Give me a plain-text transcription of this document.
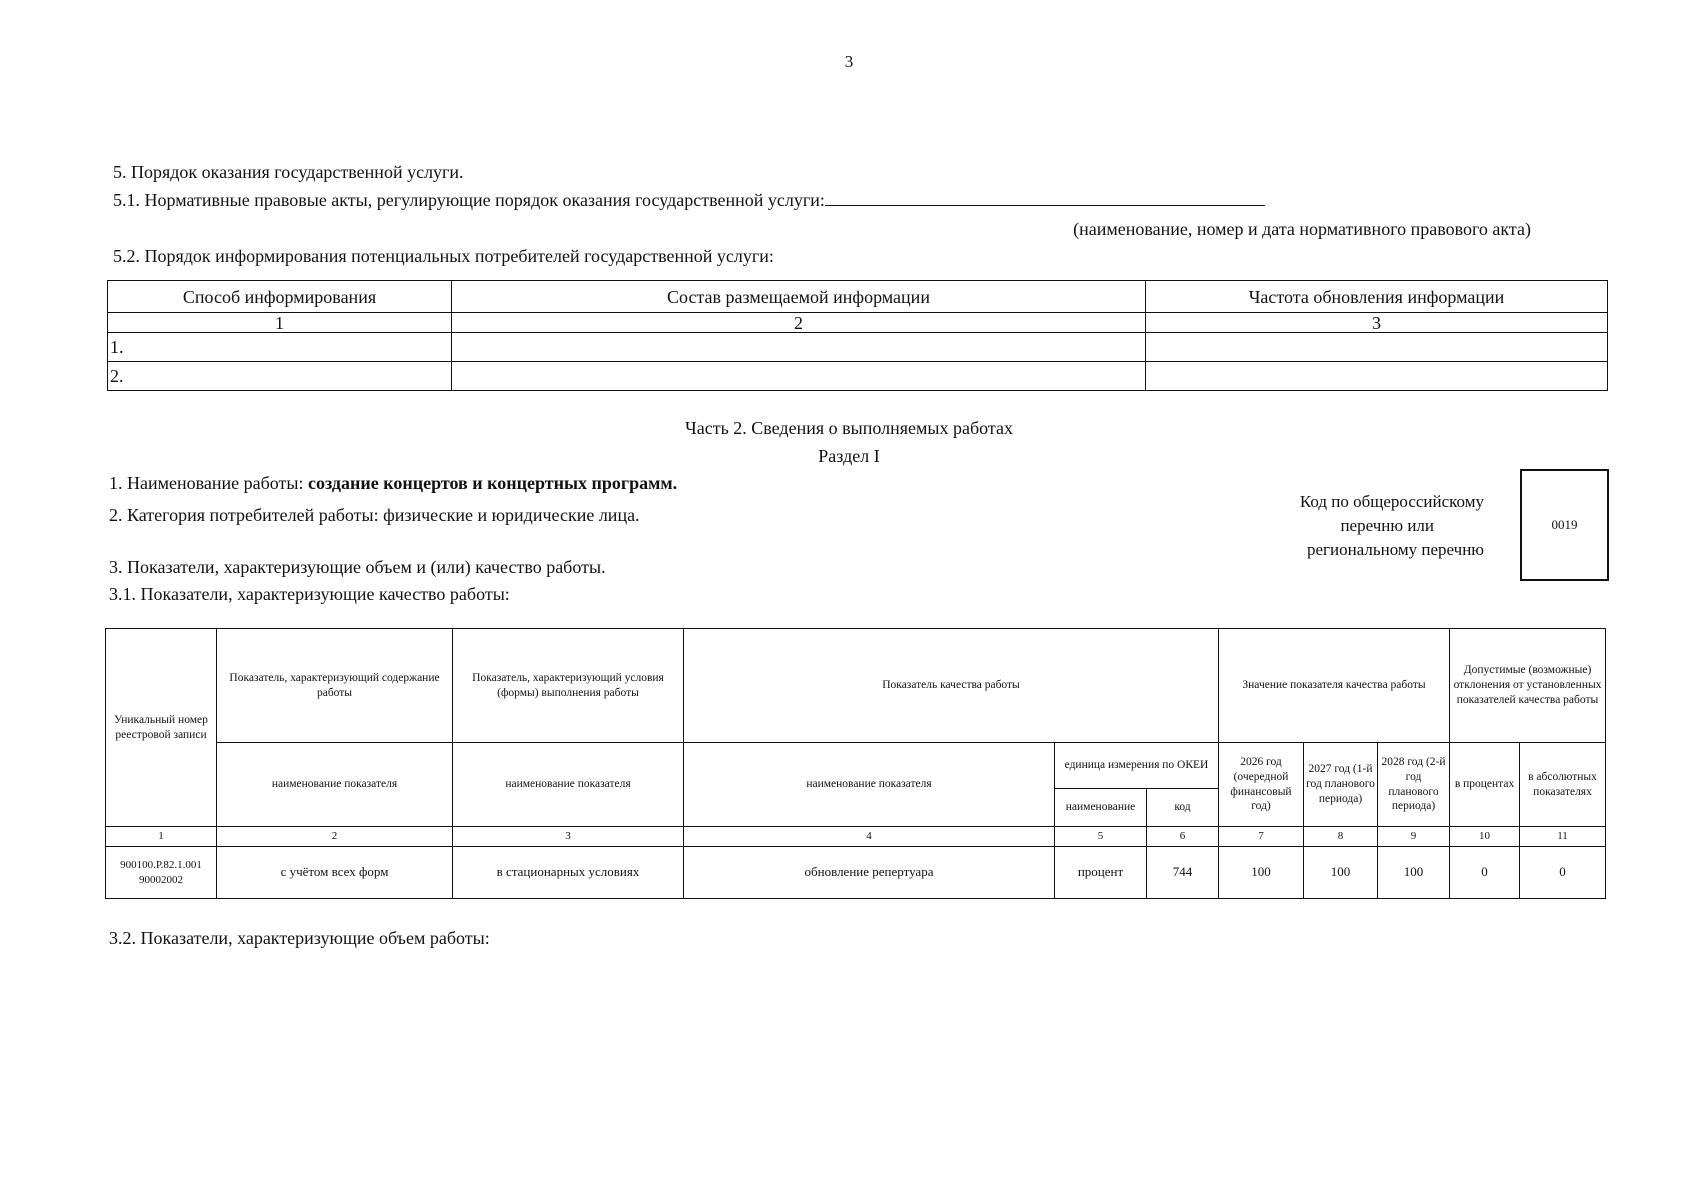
3
5. Порядок оказания государственной услуги.
5.1. Нормативные правовые акты, регулирующие порядок оказания государственной услуги:
(наименование, номер и дата нормативного правового акта)
5.2. Порядок информирования потенциальных потребителей государственной услуги:
Способ информирования	Состав размещаемой информации	Частота обновления информации
1	2	3
1.		
2.		
Часть 2. Сведения о выполняемых работах
Раздел I
1. Наименование работы: создание концертов и концертных программ.
2. Категория потребителей работы: физические и юридические лица.
Код по общероссийскому
перечню или
региональному перечню
0019
3. Показатели, характеризующие объем и (или) качество работы.
3.1. Показатели, характеризующие качество работы:
Уникальный номер реестровой записи	Показатель, характеризующий содержание работы	Показатель, характеризующий условия (формы) выполнения работы	Показатель качества работы			Значение показателя качества работы			Допустимые (возможные) отклонения от установленных показателей качества работы	
	наименование показателя	наименование показателя	наименование показателя	единица измерения по ОКЕИ		2026 год (очередной финансовый год)	2027 год (1-й год планового периода)	2028 год (2-й год планового периода)	в процентах	в абсолютных показателях
				наименование	код					
1	2	3	4	5	6	7	8	9	10	11
900100.Р.82.1.001 90002002	с учётом всех форм	в стационарных условиях	обновление репертуара	процент	744	100	100	100	0	0
3.2. Показатели, характеризующие объем работы:
